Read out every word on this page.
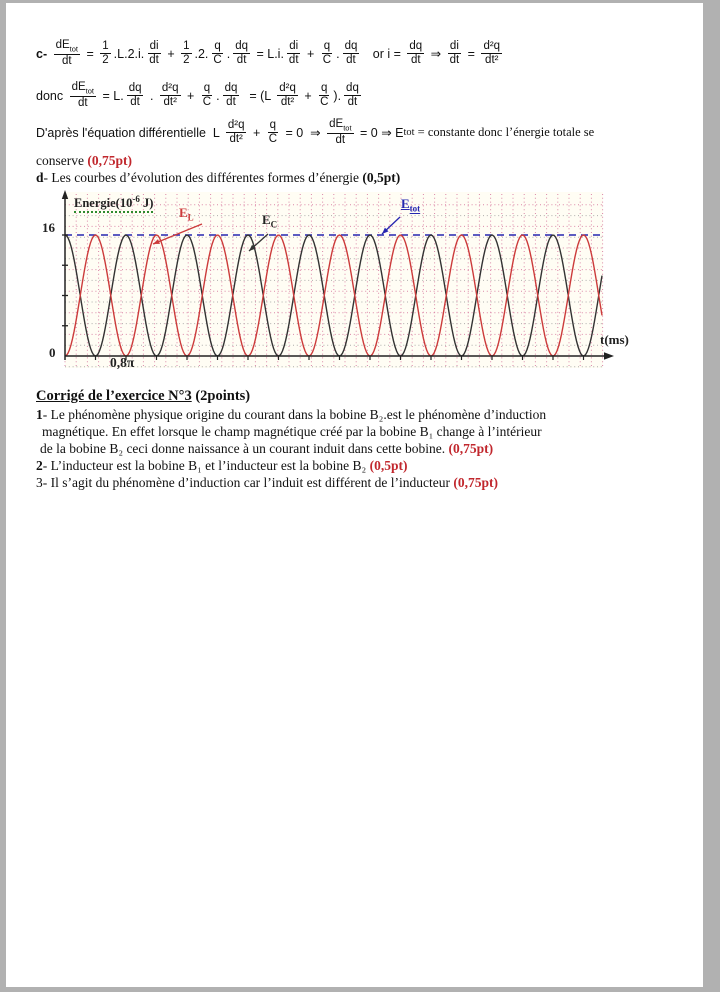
$c- \frac{dE_{tot}}{dt} = \frac{1}{2} .L.2.i$. $\frac{di}{dt} + \frac{1}{2} .2$. $\frac{q}{C}$ . $\frac{dq}{dt} = L.i$. $\frac{di}{dt} + \frac{q}{C}$ . $\frac{dq}{dt}$ or $i = \frac{dq}{dt}$ ⇒ $\frac{di}{dt} = \frac{\text{d²q}}{\text{dt²}}$
donc $\frac{dE_{tot}}{dt} = L$. $\frac{dq}{dt}$ . $\frac{\text{d²q}}{\text{dt²}} + \frac{q}{C}$ . $\frac{dq}{dt} = (L \frac{\text{d²q}}{\text{dt²}} + \frac{q}{C}$ ). $\frac{dq}{dt}$
D'après l'équation différentielle  L $\frac{\text{d²q}}{\text{dt²}} + \frac{q}{C} = 0$  ⇒ $\frac{dE_{tot}}{dt} = 0$ ⇒ E tot = constante donc l’énergie totale se
conserve (0,75pt)
d- Les courbes d’évolution des différentes formes d’énergie (0,5pt)
$Energie(10^{-6}$ J)
16
0
0,8π
t(ms)
$E_L$	$E_C$
$E_{tot}$
Corrigé de l’exercice N°3 (2points)
1- Le phénomène physique origine du courant dans la bobine B₂.est le phénomène d’induction
magnétique. En effet lorsque le champ magnétique créé par la bobine B₁ change à l’intérieur
de la bobine B₂ ceci donne naissance à un courant induit dans cette bobine. (0,75pt)
2- L’inducteur est la bobine B₁ et l’inducteur est la bobine B₂ (0,5pt)
3- Il s’agit du phénomène d’induction car l’induit est différent de l’inducteur (0,75pt)
